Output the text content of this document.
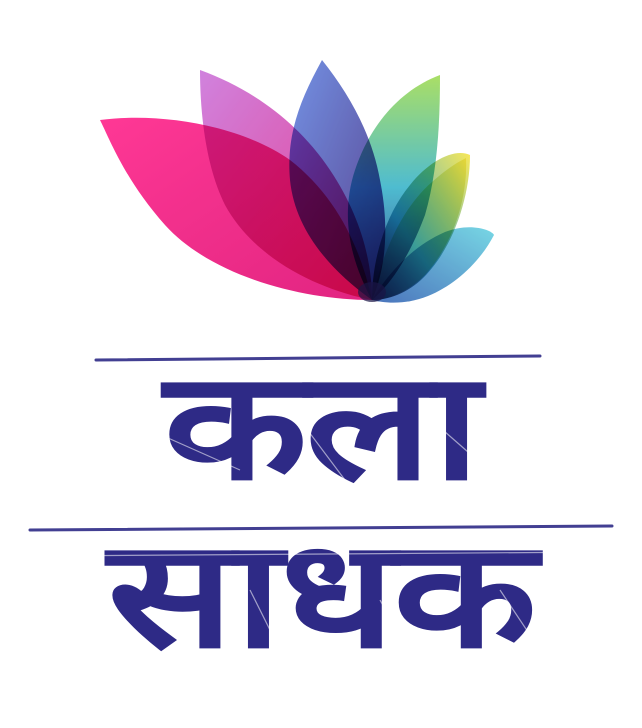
कला
साधक
